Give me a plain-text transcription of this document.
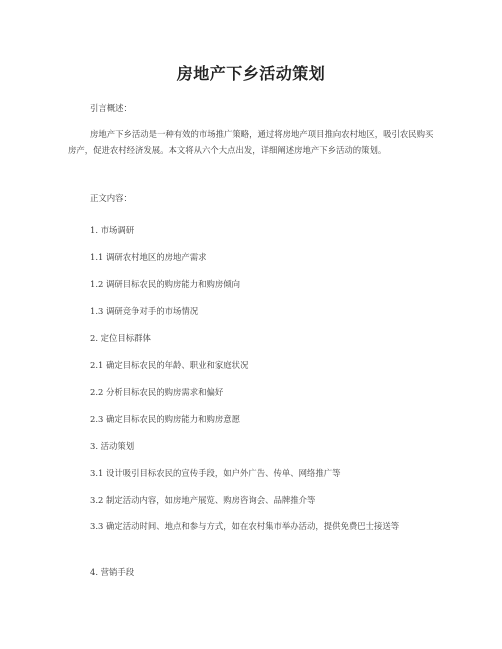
房地产下乡活动策划
引言概述：
房地产下乡活动是一种有效的市场推广策略，通过将房地产项目推向农村地区，吸引农民购买房产，促进农村经济发展。本文将从六个大点出发，详细阐述房地产下乡活动的策划。
正文内容：
1. 市场调研
1.1 调研农村地区的房地产需求
1.2 调研目标农民的购房能力和购房倾向
1.3 调研竞争对手的市场情况
2. 定位目标群体
2.1 确定目标农民的年龄、职业和家庭状况
2.2 分析目标农民的购房需求和偏好
2.3 确定目标农民的购房能力和购房意愿
3. 活动策划
3.1 设计吸引目标农民的宣传手段，如户外广告、传单、网络推广等
3.2 制定活动内容，如房地产展览、购房咨询会、品牌推介等
3.3 确定活动时间、地点和参与方式，如在农村集市举办活动，提供免费巴士接送等
4. 营销手段
